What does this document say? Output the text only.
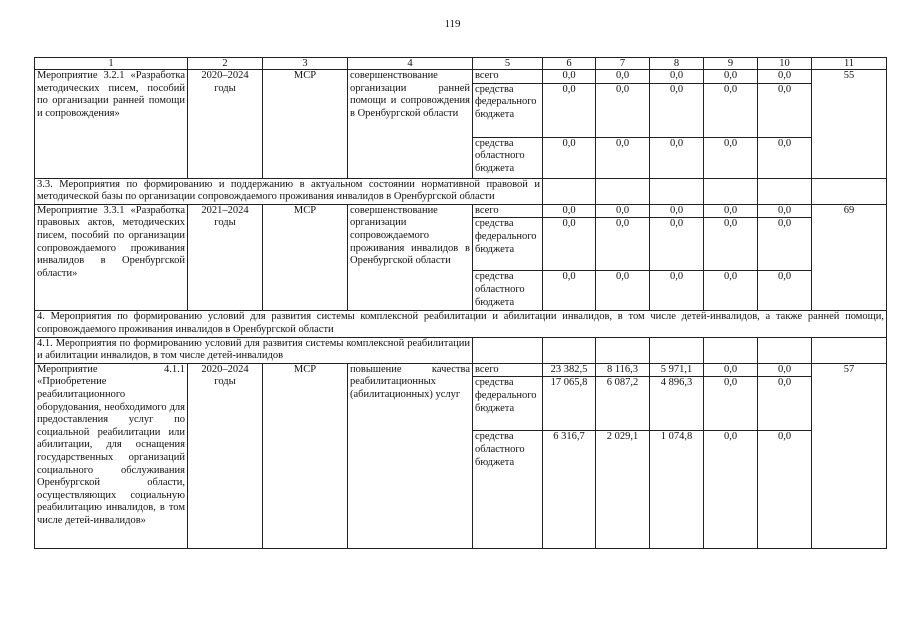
119
1	2	3	4	5	6	7	8	9	10	11
Мероприятие 3.2.1 «Разработка методических писем, пособий по организации ранней помощи и сопровождения»	2020–2024 годы	МСР	совершенствование организации ранней помощи и сопровождения в Оренбургской области	всего	0,0	0,0	0,0	0,0	0,0	55
				средства федерального бюджета	0,0	0,0	0,0	0,0	0,0	
				средства областного бюджета	0,0	0,0	0,0	0,0	0,0	
3.3. Мероприятия по формированию и поддержанию в актуальном состоянии нормативной правовой и методической базы по организации сопровождаемого проживания инвалидов в Оренбургской области										
Мероприятие 3.3.1 «Разработка правовых актов, методических писем, пособий по организации сопровождаемого проживания инвалидов в Оренбургской области»	2021–2024 годы	МСР	совершенствование организации сопровождаемого проживания инвалидов в Оренбургской области	всего	0,0	0,0	0,0	0,0	0,0	69
				средства федерального бюджета	0,0	0,0	0,0	0,0	0,0	
				средства областного бюджета	0,0	0,0	0,0	0,0	0,0	
4. Мероприятия по формированию условий для развития системы комплексной реабилитации и абилитации инвалидов, в том числе детей-инвалидов, а также ранней помощи, сопровождаемого проживания инвалидов в Оренбургской области										
4.1. Мероприятия по формированию условий для развития системы комплексной реабилитации и абилитации инвалидов, в том числе детей-инвалидов										
Мероприятие 4.1.1 «Приобретение реабилитационного оборудования, необходимого для предоставления услуг по социальной реабилитации или абилитации, для оснащения государственных организаций социального обслуживания Оренбургской области, осуществляющих социальную реабилитацию инвалидов, в том числе детей-инвалидов»	2020–2024 годы	МСР	повышение качества реабилитационных (абилитационных) услуг	всего	23 382,5	8 116,3	5 971,1	0,0	0,0	57
				средства федерального бюджета	17 065,8	6 087,2	4 896,3	0,0	0,0	
				средства областного бюджета	6 316,7	2 029,1	1 074,8	0,0	0,0	
